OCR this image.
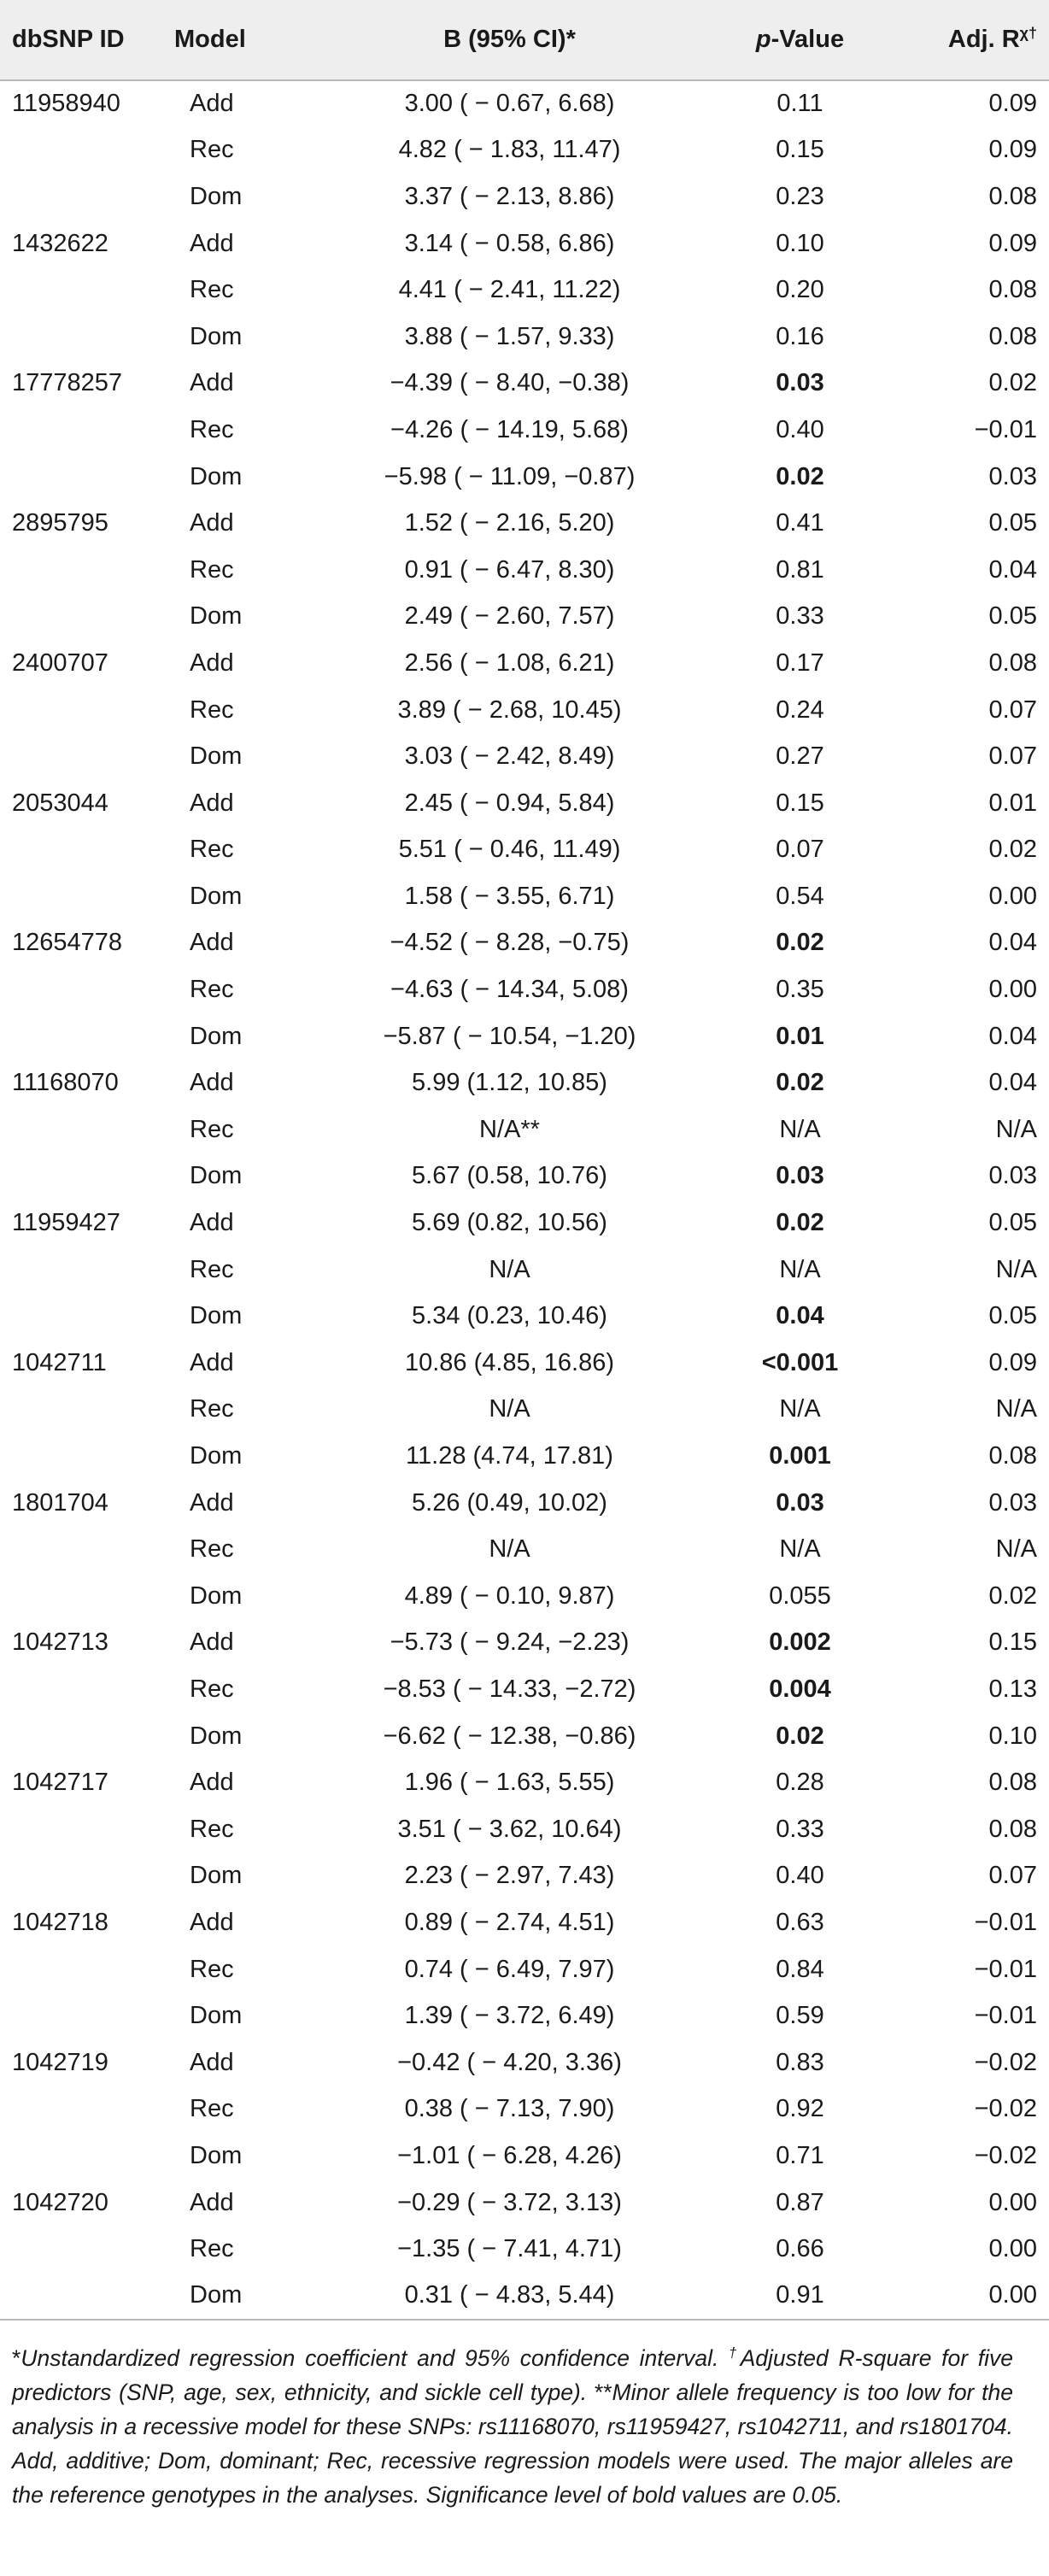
dbSNP ID	Model	B (95% CI)*	p-Value	Adj. $R^{\chi\dagger}$
11958940	Add	3.00 ( − 0.67, 6.68)	0.11	0.09
	Rec	4.82 ( − 1.83, 11.47)	0.15	0.09
	Dom	3.37 ( − 2.13, 8.86)	0.23	0.08
1432622	Add	3.14 ( − 0.58, 6.86)	0.10	0.09
	Rec	4.41 ( − 2.41, 11.22)	0.20	0.08
	Dom	3.88 ( − 1.57, 9.33)	0.16	0.08
17778257	Add	−4.39 ( − 8.40, −0.38)	0.03	0.02
	Rec	−4.26 ( − 14.19, 5.68)	0.40	−0.01
	Dom	−5.98 ( − 11.09, −0.87)	0.02	0.03
2895795	Add	1.52 ( − 2.16, 5.20)	0.41	0.05
	Rec	0.91 ( − 6.47, 8.30)	0.81	0.04
	Dom	2.49 ( − 2.60, 7.57)	0.33	0.05
2400707	Add	2.56 ( − 1.08, 6.21)	0.17	0.08
	Rec	3.89 ( − 2.68, 10.45)	0.24	0.07
	Dom	3.03 ( − 2.42, 8.49)	0.27	0.07
2053044	Add	2.45 ( − 0.94, 5.84)	0.15	0.01
	Rec	5.51 ( − 0.46, 11.49)	0.07	0.02
	Dom	1.58 ( − 3.55, 6.71)	0.54	0.00
12654778	Add	−4.52 ( − 8.28, −0.75)	0.02	0.04
	Rec	−4.63 ( − 14.34, 5.08)	0.35	0.00
	Dom	−5.87 ( − 10.54, −1.20)	0.01	0.04
11168070	Add	5.99 (1.12, 10.85)	0.02	0.04
	Rec	N/A**	N/A	N/A
	Dom	5.67 (0.58, 10.76)	0.03	0.03
11959427	Add	5.69 (0.82, 10.56)	0.02	0.05
	Rec	N/A	N/A	N/A
	Dom	5.34 (0.23, 10.46)	0.04	0.05
1042711	Add	10.86 (4.85, 16.86)	<0.001	0.09
	Rec	N/A	N/A	N/A
	Dom	11.28 (4.74, 17.81)	0.001	0.08
1801704	Add	5.26 (0.49, 10.02)	0.03	0.03
	Rec	N/A	N/A	N/A
	Dom	4.89 ( − 0.10, 9.87)	0.055	0.02
1042713	Add	−5.73 ( − 9.24, −2.23)	0.002	0.15
	Rec	−8.53 ( − 14.33, −2.72)	0.004	0.13
	Dom	−6.62 ( − 12.38, −0.86)	0.02	0.10
1042717	Add	1.96 ( − 1.63, 5.55)	0.28	0.08
	Rec	3.51 ( − 3.62, 10.64)	0.33	0.08
	Dom	2.23 ( − 2.97, 7.43)	0.40	0.07
1042718	Add	0.89 ( − 2.74, 4.51)	0.63	−0.01
	Rec	0.74 ( − 6.49, 7.97)	0.84	−0.01
	Dom	1.39 ( − 3.72, 6.49)	0.59	−0.01
1042719	Add	−0.42 ( − 4.20, 3.36)	0.83	−0.02
	Rec	0.38 ( − 7.13, 7.90)	0.92	−0.02
	Dom	−1.01 ( − 6.28, 4.26)	0.71	−0.02
1042720	Add	−0.29 ( − 3.72, 3.13)	0.87	0.00
	Rec	−1.35 ( − 7.41, 4.71)	0.66	0.00
	Dom	0.31 ( − 4.83, 5.44)	0.91	0.00
*Unstandardized regression coefficient and 95% confidence interval. †Adjusted R-square for five predictors (SNP, age, sex, ethnicity, and sickle cell type). **Minor allele frequency is too low for the analysis in a recessive model for these SNPs: rs11168070, rs11959427, rs1042711, and rs1801704. Add, additive; Dom, dominant; Rec, recessive regression models were used. The major alleles are the reference genotypes in the analyses. Significance level of bold values are 0.05.
